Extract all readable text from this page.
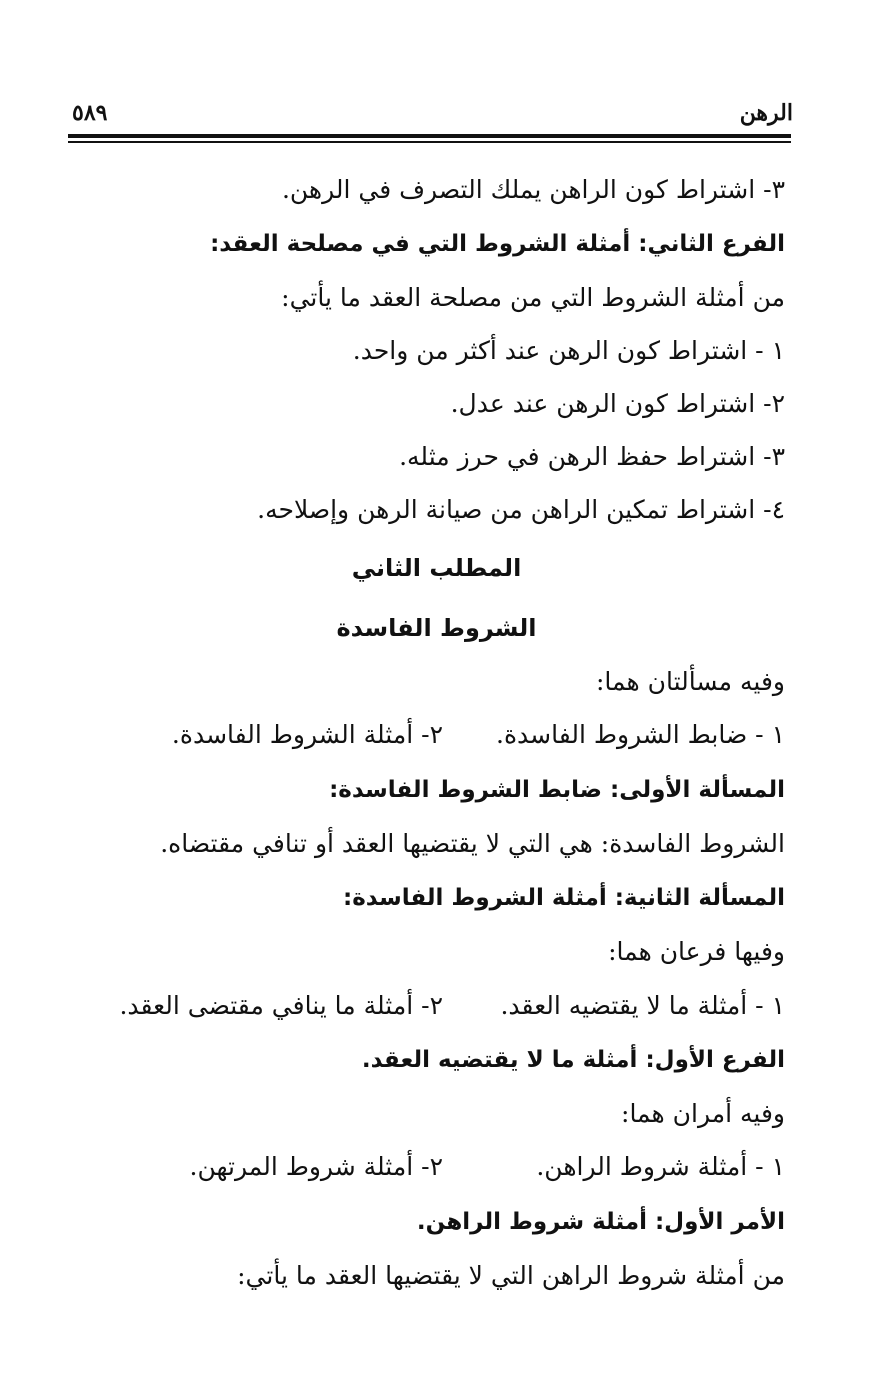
الرهن
٥٨٩
٣- اشتراط كون الراهن يملك التصرف في الرهن.
الفرع الثاني: أمثلة الشروط التي في مصلحة العقد:
من أمثلة الشروط التي من مصلحة العقد ما يأتي:
١ - اشتراط كون الرهن عند أكثر من واحد.
٢- اشتراط كون الرهن عند عدل.
٣- اشتراط حفظ الرهن في حرز مثله.
٤- اشتراط تمكين الراهن من صيانة الرهن وإصلاحه.
المطلب الثاني
الشروط الفاسدة
وفيه مسألتان هما:
١ - ضابط الشروط الفاسدة.
٢- أمثلة الشروط الفاسدة.
المسألة الأولى: ضابط الشروط الفاسدة:
الشروط الفاسدة: هي التي لا يقتضيها العقد أو تنافي مقتضاه.
المسألة الثانية: أمثلة الشروط الفاسدة:
وفيها فرعان هما:
١ - أمثلة ما لا يقتضيه العقد.
٢- أمثلة ما ينافي مقتضى العقد.
الفرع الأول: أمثلة ما لا يقتضيه العقد.
وفيه أمران هما:
١ - أمثلة شروط الراهن.
٢- أمثلة شروط المرتهن.
الأمر الأول: أمثلة شروط الراهن.
من أمثلة شروط الراهن التي لا يقتضيها العقد ما يأتي:
